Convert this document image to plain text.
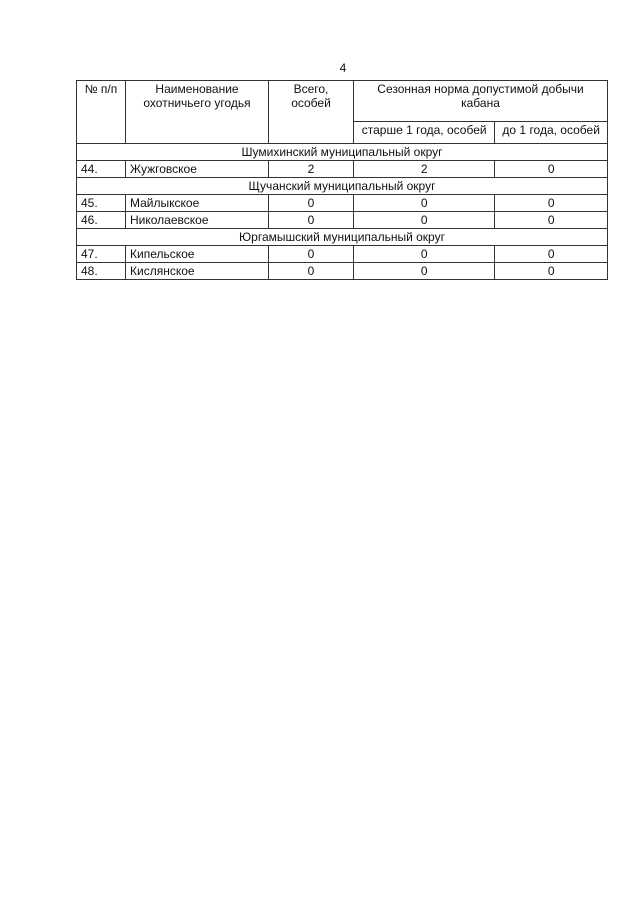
4
№ п/п	Наименование охотничьего угодья	Всего, особей	Сезонная норма допустимой добычи кабана	
			старше 1 года, особей	до 1 года, особей
Шумихинский муниципальный округ				
44.	Жужговское	2	2	0
Щучанский муниципальный округ				
45.	Майлыкское	0	0	0
46.	Николаевское	0	0	0
Юргамышский муниципальный округ				
47.	Кипельское	0	0	0
48.	Кислянское	0	0	0
